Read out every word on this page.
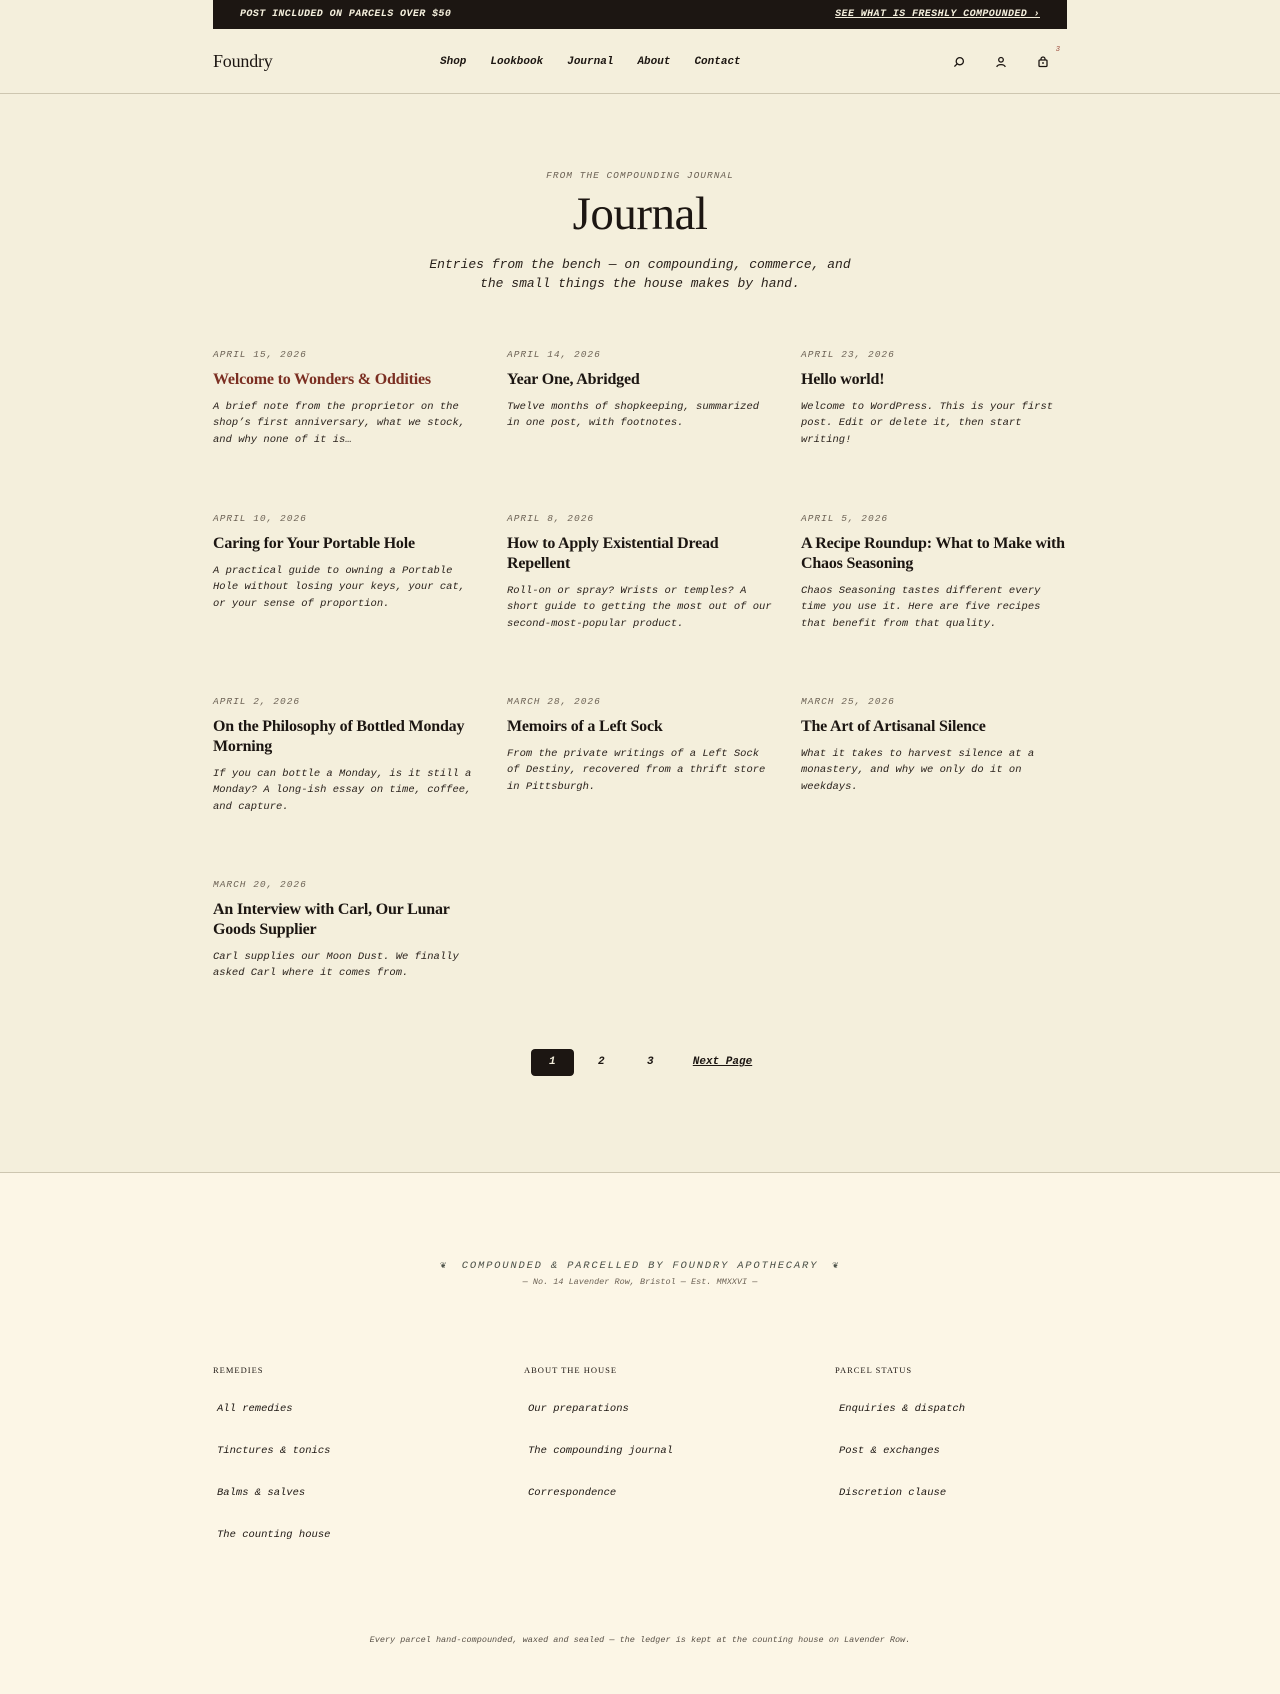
POST INCLUDED ON PARCELS OVER $50	SEE WHAT IS FRESHLY COMPOUNDED ›
Foundry	Shop Lookbook Journal About Contact
3
FROM THE COMPOUNDING JOURNAL
Journal

Entries from the bench — on compounding, commerce, and the small things the house makes by hand.

APRIL 15, 2026
Welcome to Wonders & Oddities

A brief note from the proprietor on the shop’s first anniversary, what we stock, and why none of it is…

APRIL 14, 2026
Year One, Abridged

Twelve months of shopkeeping, summarized in one post, with footnotes.

APRIL 23, 2026
Hello world!

Welcome to WordPress. This is your first post. Edit or delete it, then start writing!

APRIL 10, 2026
Caring for Your Portable Hole

A practical guide to owning a Portable Hole without losing your keys, your cat, or your sense of proportion.

APRIL 8, 2026
How to Apply Existential Dread Repellent

Roll-on or spray? Wrists or temples? A short guide to getting the most out of our second-most-popular product.

APRIL 5, 2026
A Recipe Roundup: What to Make with Chaos Seasoning

Chaos Seasoning tastes different every time you use it. Here are five recipes that benefit from that quality.

APRIL 2, 2026
On the Philosophy of Bottled Monday Morning

If you can bottle a Monday, is it still a Monday? A long-ish essay on time, coffee, and capture.

MARCH 28, 2026
Memoirs of a Left Sock

From the private writings of a Left Sock of Destiny, recovered from a thrift store in Pittsburgh.

MARCH 25, 2026
The Art of Artisanal Silence

What it takes to harvest silence at a monastery, and why we only do it on weekdays.

MARCH 20, 2026
An Interview with Carl, Our Lunar Goods Supplier

Carl supplies our Moon Dust. We finally asked Carl where it comes from.

1	2	3	Next Page
❦ COMPOUNDED & PARCELLED BY FOUNDRY APOTHECARY ❦
— No. 14 Lavender Row, Bristol — Est. MMXXVI —
REMEDIES
All remedies
Tinctures & tonics
Balms & salves
The counting house
ABOUT THE HOUSE
Our preparations
The compounding journal
Correspondence
PARCEL STATUS
Enquiries & dispatch
Post & exchanges
Discretion clause
Every parcel hand-compounded, waxed and sealed — the ledger is kept at the counting house on Lavender Row.
